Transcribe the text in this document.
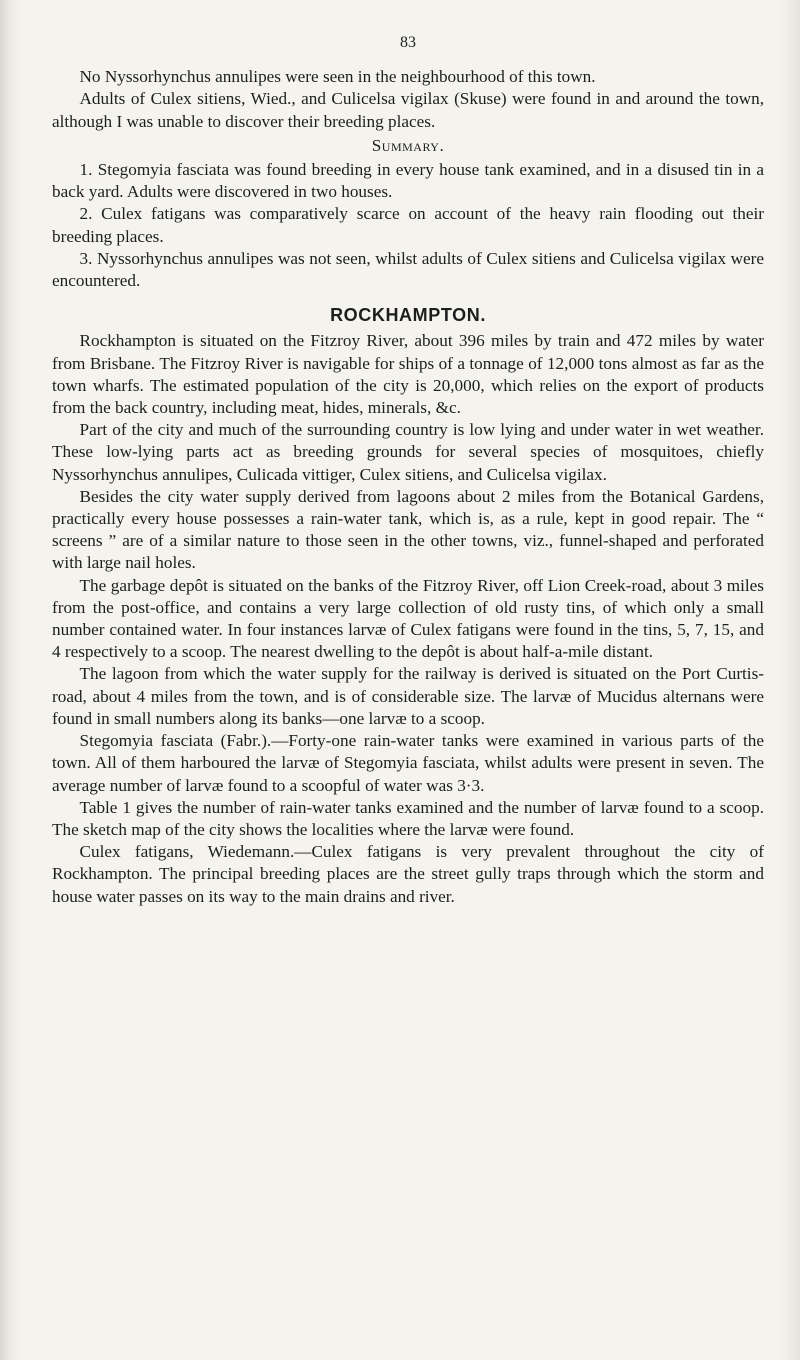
83

No Nyssorhynchus annulipes were seen in the neighbourhood of this town.

Adults of Culex sitiens, Wied., and Culicelsa vigilax (Skuse) were found in and around the town, although I was unable to discover their breeding places.

Summary.

1. Stegomyia fasciata was found breeding in every house tank examined, and in a disused tin in a back yard. Adults were discovered in two houses.

2. Culex fatigans was comparatively scarce on account of the heavy rain flooding out their breeding places.

3. Nyssorhynchus annulipes was not seen, whilst adults of Culex sitiens and Culicelsa vigilax were encountered.

ROCKHAMPTON.

Rockhampton is situated on the Fitzroy River, about 396 miles by train and 472 miles by water from Brisbane. The Fitzroy River is navigable for ships of a tonnage of 12,000 tons almost as far as the town wharfs. The estimated population of the city is 20,000, which relies on the export of products from the back country, including meat, hides, minerals, &c.

Part of the city and much of the surrounding country is low lying and under water in wet weather. These low-lying parts act as breeding grounds for several species of mosquitoes, chiefly Nyssorhynchus annulipes, Culicada vittiger, Culex sitiens, and Culicelsa vigilax.

Besides the city water supply derived from lagoons about 2 miles from the Botanical Gardens, practically every house possesses a rain-water tank, which is, as a rule, kept in good repair. The “ screens ” are of a similar nature to those seen in the other towns, viz., funnel-shaped and perforated with large nail holes.

The garbage depôt is situated on the banks of the Fitzroy River, off Lion Creek-road, about 3 miles from the post-office, and contains a very large collection of old rusty tins, of which only a small number contained water. In four instances larvæ of Culex fatigans were found in the tins, 5, 7, 15, and 4 respectively to a scoop. The nearest dwelling to the depôt is about half-a-mile distant.

The lagoon from which the water supply for the railway is derived is situated on the Port Curtis-road, about 4 miles from the town, and is of considerable size. The larvæ of Mucidus alternans were found in small numbers along its banks—one larvæ to a scoop.

Stegomyia fasciata (Fabr.).—Forty-one rain-water tanks were examined in various parts of the town. All of them harboured the larvæ of Stegomyia fasciata, whilst adults were present in seven. The average number of larvæ found to a scoopful of water was 3·3.

Table 1 gives the number of rain-water tanks examined and the number of larvæ found to a scoop. The sketch map of the city shows the localities where the larvæ were found.

Culex fatigans, Wiedemann.—Culex fatigans is very prevalent throughout the city of Rockhampton. The principal breeding places are the street gully traps through which the storm and house water passes on its way to the main drains and river.
